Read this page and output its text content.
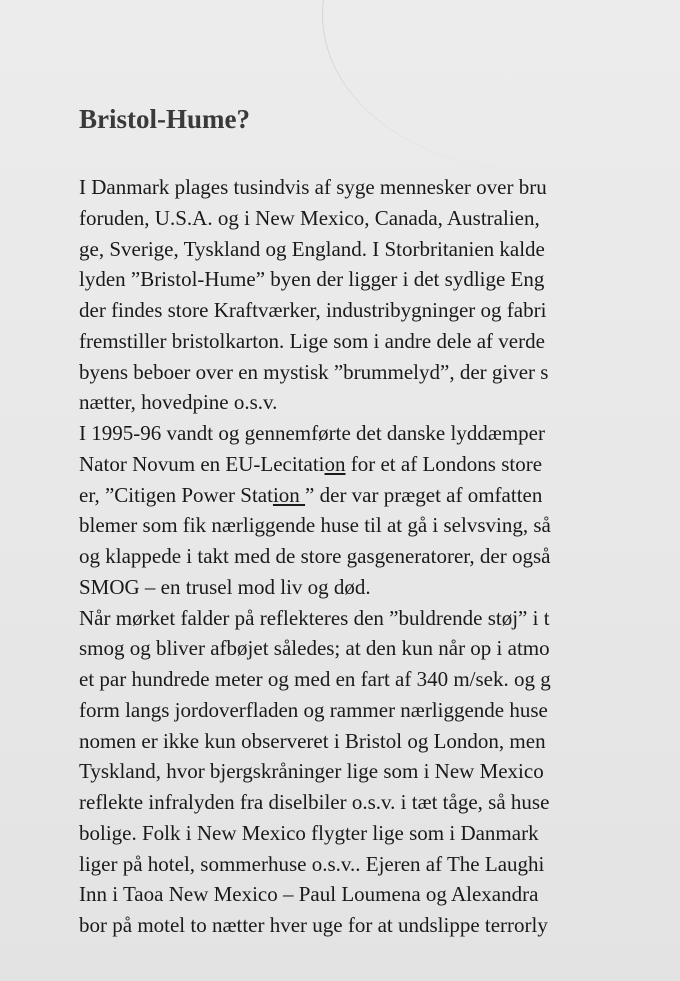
Bristol-Hume?
I Danmark plages tusindvis af syge mennesker over bru
foruden, U.S.A. og i New Mexico, Canada, Australien,
ge, Sverige, Tyskland og England. I Storbritanien kalde
lyden ”Bristol-Hume” byen der ligger i det sydlige Eng
der findes store Kraftværker, industribygninger og fabri
fremstiller bristolkarton. Lige som i andre dele af verde
byens beboer over en mystisk ”brummelyd”, der giver s
nætter, hovedpine o.s.v.
I 1995-96 vandt og gennemførte det danske lyddæmper
Nator Novum en EU-Lecitation for et af Londons store
er, ”Citigen Power Station ” der var præget af omfatten
blemer som fik nærliggende huse til at gå i selvsving, så
og klappede i takt med de store gasgeneratorer, der også
SMOG – en trusel mod liv og død.
Når mørket falder på reflekteres den ”buldrende støj” i t
smog og bliver afbøjet således; at den kun når op i atmo
et par hundrede meter og med en fart af 340 m/sek. og g
form langs jordoverfladen og rammer nærliggende huse
nomen er ikke kun observeret i Bristol og London, men
Tyskland, hvor bjergskråninger lige som i New Mexico
reflekte infralyden fra diselbiler o.s.v. i tæt tåge, så huse
bolige. Folk i New Mexico flygter lige som i Danmark
liger på hotel, sommerhuse o.s.v.. Ejeren af The Laughi
Inn i Taoa New Mexico – Paul Loumena og Alexandra
bor på motel to nætter hver uge for at undslippe terrorly
